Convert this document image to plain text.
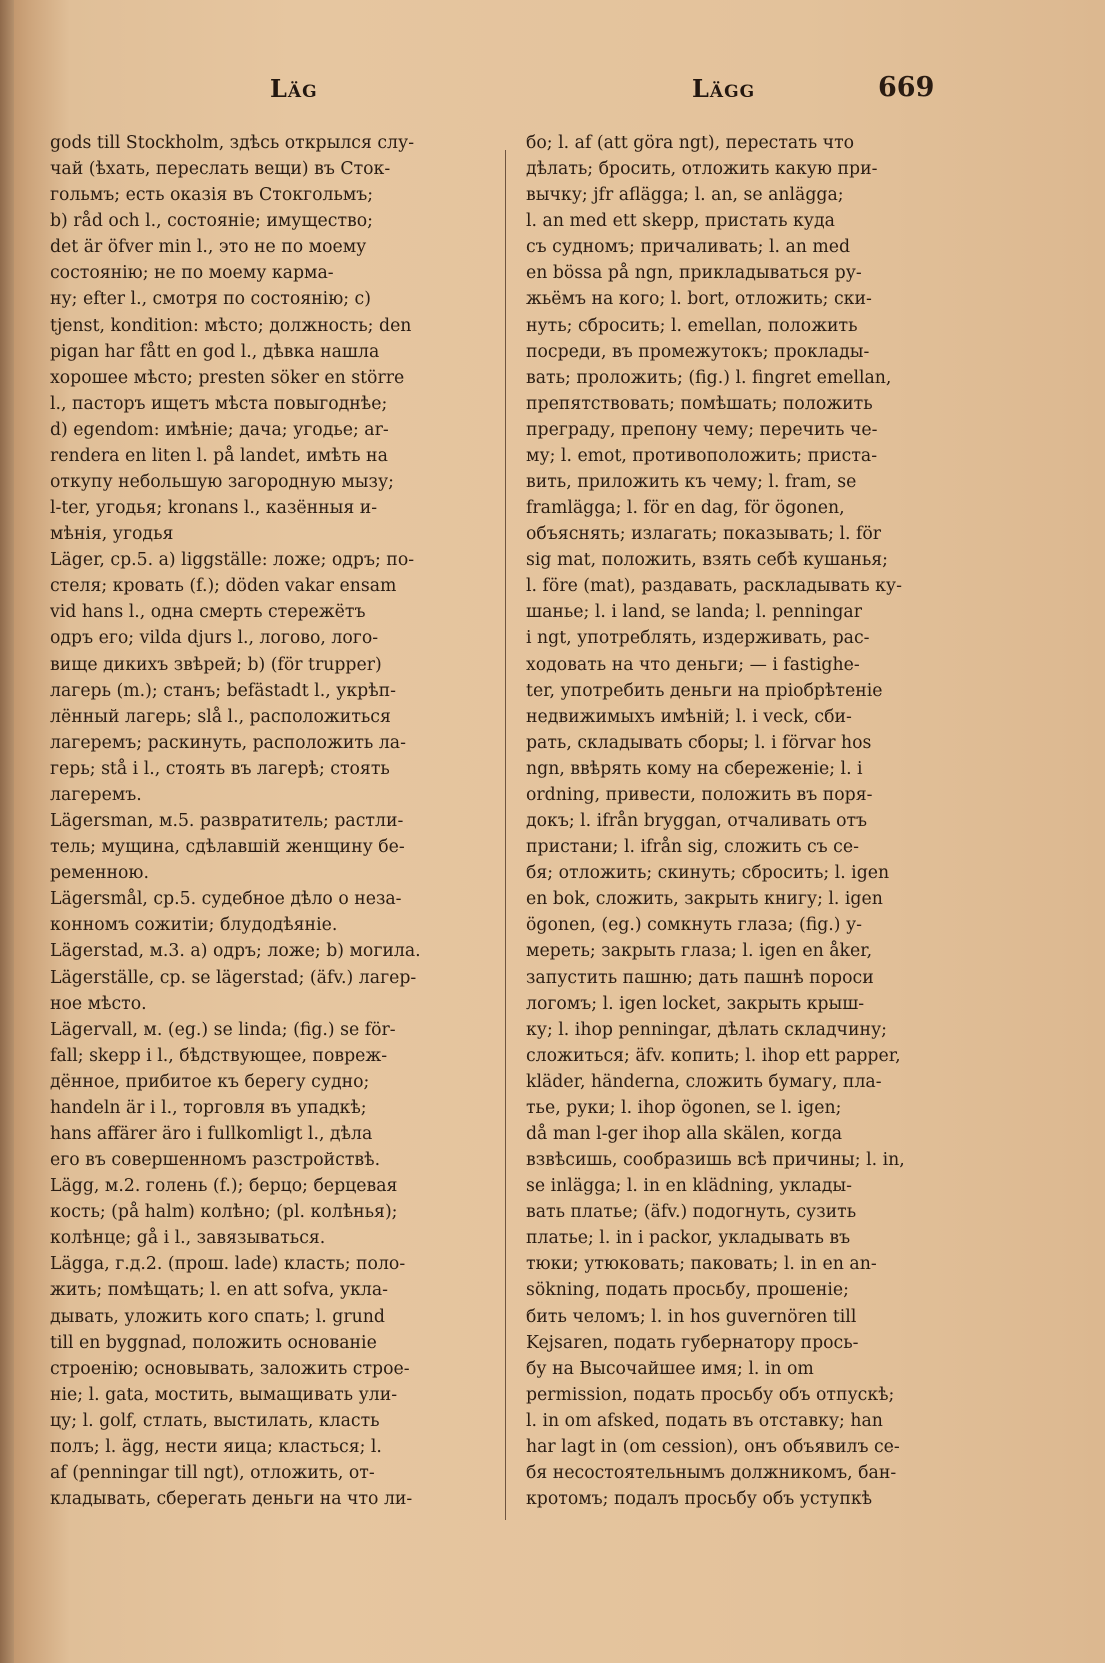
Läg	Lägg	669
gods till Stockholm, здѣсь открылся слу-
чай (ѣхать, переслать вещи) въ Сток-
гольмъ; есть оказія въ Стокгольмъ;
b) råd och l., состояніе; имущество;
det är öfver min l., это не по моему
состоянію; не по моему карма-
ну; efter l., смотря по состоянію; c)
tjenst, kondition: мѣсто; должность; den
pigan har fått en god l., дѣвка нашла
хорошее мѣсто; presten söker en större
l., пасторъ ищетъ мѣста повыгоднѣе;
d) egendom: имѣніе; дача; угодье; ar-
rendera en liten l. på landet, имѣть на
откупу небольшую загородную мызу;
l-ter, угодья; kronans l., казённыя и-
мѣнія, угодья
Läger, ср.5. a) liggställe: ложе; одръ; по-
стеля; кровать (f.); döden vakar ensam
vid hans l., одна смерть стережётъ
одръ его; vilda djurs l., логово, лого-
вище дикихъ звѣрей; b) (för trupper)
лагерь (m.); станъ; befästadt l., укрѣп-
лённый лагерь; slå l., расположиться
лагеремъ; раскинуть, расположить ла-
герь; stå i l., стоять въ лагерѣ; стоять
лагеремъ.
Lägersman, м.5. развратитель; растли-
тель; мущина, сдѣлавшій женщину бе-
ременною.
Lägersmål, ср.5. судебное дѣло о неза-
конномъ сожитіи; блудодѣяніе.
Lägerstad, м.3. a) одръ; ложе; b) могила.
Lägerställe, ср. se lägerstad; (äfv.) лагер-
ное мѣсто.
Lägervall, м. (eg.) se linda; (fig.) se för-
fall; skepp i l., бѣдствующее, повреж-
дённое, прибитое къ берегу судно;
handeln är i l., торговля въ упадкѣ;
hans affärer äro i fullkomligt l., дѣла
его въ совершенномъ разстройствѣ.
Lägg, м.2. голень (f.); берцо; берцевая
кость; (på halm) колѣно; (pl. колѣнья);
колѣнце; gå i l., завязываться.
Lägga, г.д.2. (прош. lade) класть; поло-
жить; помѣщать; l. en att sofva, укла-
дывать, уложить кого спать; l. grund
till en byggnad, положить основаніе
строенію; основывать, заложить строе-
ніе; l. gata, мостить, вымащивать ули-
цу; l. golf, стлать, выстилать, класть
полъ; l. ägg, нести яица; класться; l.
af (penningar till ngt), отложить, от-
кладывать, сберегать деньги на что ли-
бо; l. af (att göra ngt), перестать что
дѣлать; бросить, отложить какую при-
вычку; jfr aflägga; l. an, se anlägga;
l. an med ett skepp, пристать куда
съ судномъ; причаливать; l. an med
en bössa på ngn, прикладываться ру-
жьёмъ на кого; l. bort, отложить; ски-
нуть; сбросить; l. emellan, положить
посреди, въ промежутокъ; проклады-
вать; проложить; (fig.) l. fingret emellan,
препятствовать; помѣшать; положить
преграду, препону чему; перечить че-
му; l. emot, противоположить; приста-
вить, приложить къ чему; l. fram, se
framlägga; l. för en dag, för ögonen,
объяснять; излагать; показывать; l. för
sig mat, положить, взять себѣ кушанья;
l. före (mat), раздавать, раскладывать ку-
шанье; l. i land, se landa; l. penningar
i ngt, употреблять, издерживать, рас-
ходовать на что деньги; — i fastighe-
ter, употребить деньги на пріобрѣтеніе
недвижимыхъ имѣній; l. i veck, сби-
рать, складывать сборы; l. i förvar hos
ngn, ввѣрять кому на сбереженіе; l. i
ordning, привести, положить въ поря-
докъ; l. ifrån bryggan, отчаливать отъ
пристани; l. ifrån sig, сложить съ се-
бя; отложить; скинуть; сбросить; l. igen
en bok, сложить, закрыть книгу; l. igen
ögonen, (eg.) сомкнуть глаза; (fig.) у-
мереть; закрыть глаза; l. igen en åker,
запустить пашню; дать пашнѣ пороси
логомъ; l. igen locket, закрыть крыш-
ку; l. ihop penningar, дѣлать складчину;
сложиться; äfv. копить; l. ihop ett papper,
kläder, händerna, сложить бумагу, пла-
тье, руки; l. ihop ögonen, se l. igen;
då man l-ger ihop alla skälen, когда
взвѣсишь, сообразишь всѣ причины; l. in,
se inlägga; l. in en klädning, уклады-
вать платье; (äfv.) подогнуть, сузить
платье; l. in i packor, укладывать въ
тюки; утюковать; паковать; l. in en an-
sökning, подать просьбу, прошеніе;
бить челомъ; l. in hos guvernören till
Kejsaren, подать губернатору прось-
бу на Высочайшее имя; l. in om
permission, подать просьбу объ отпускѣ;
l. in om afsked, подать въ отставку; han
har lagt in (om cession), онъ объявилъ се-
бя несостоятельнымъ должникомъ, бан-
кротомъ; подалъ просьбу объ уступкѣ
